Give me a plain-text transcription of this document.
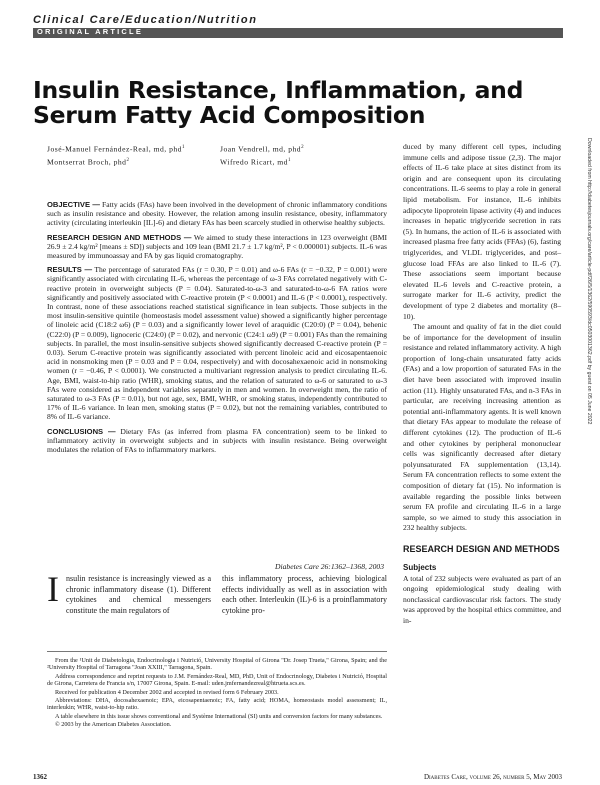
Clinical Care/Education/Nutrition
ORIGINAL ARTICLE
Insulin Resistance, Inflammation, and
Serum Fatty Acid Composition
José-Manuel Fernández-Real, md, phd$^1$
Montserrat Broch, phd$^2$
Joan Vendrell, md, phd$^2$
Wifredo Ricart, $md^1$

OBJECTIVE — Fatty acids (FAs) have been involved in the development of chronic inflammatory conditions such as insulin resistance and obesity. However, the relation among insulin resistance, obesity, inflammatory activity (circulating interleukin [IL]-6) and dietary FAs has been scarcely studied in otherwise healthy subjects.

RESEARCH DESIGN AND METHODS — We aimed to study these interactions in 123 overweight (BMI 26.9 ± 2.4 kg/m² [means ± SD]) subjects and 109 lean (BMI 21.7 ± 1.7 kg/m², P < 0.000001) subjects. IL-6 was measured by immunoassay and FA by gas liquid cromatography.

RESULTS — The percentage of saturated FAs (r = 0.30, P = 0.01) and ω-6 FAs (r = −0.32, P = 0.001) were significantly associated with circulating IL-6, whereas the percentage of ω-3 FAs correlated negatively with C-reactive protein in overweight subjects (P = 0.04). Saturated-to-ω-3 and saturated-to-ω-6 FA ratios were significantly and positively associated with C-reactive protein (P < 0.0001) and IL-6 (P < 0.0001), respectively. In contrast, none of these associations reached statistical significance in lean subjects. Those subjects in the most insulin-sensitive quintile (homeostasis model assessment value) showed a significantly higher percentage of linoleic acid (C18:2 ω6) (P = 0.03) and a significantly lower level of araquidic (C20:0) (P = 0.04), behenic (C22:0) (P = 0.009), lignoceric (C24:0) (P = 0.02), and nervonic (C24:1 ω9) (P = 0.001) FAs than the remaining subjects. In parallel, the most insulin-sensitive subjects showed significantly decreased C-reactive protein (P = 0.03). Serum C-reactive protein was significantly associated with percent linoleic acid and eicosapentaenoic acid in nonsmoking men (P = 0.03 and P = 0.04, respectively) and with docosahexaenoic acid in nonsmoking women (r = −0.46, P < 0.0001). We constructed a multivariant regression analysis to predict circulating IL-6. Age, BMI, waist-to-hip ratio (WHR), smoking status, and the relation of saturated to ω-6 or saturated to ω-3 FAs were considered as independent variables separately in men and women. In overweight men, the ratio of saturated to ω-3 FAs (P = 0.01), but not age, sex, BMI, WHR, or smoking status, independently contributed to 17% of IL-6 variance. In lean men, smoking status (P = 0.02), but not the remaining variables, contributed to 8% of IL-6 variance.

CONCLUSIONS — Dietary FAs (as inferred from plasma FA concentration) seem to be linked to inflammatory activity in overweight subjects and in subjects with insulin resistance. Being overweight modulates the relation of FAs to inflammatory markers.

Diabetes Care 26:1362–1368, 2003
I nsulin resistance is increasingly viewed as a chronic inflammatory disease (1). Different cytokines and chemical messengers constitute the main regulators of
this inflammatory process, achieving biological effects individually as well as in association with each other. Interleukin (IL)-6 is a proinflammatory cytokine pro-

From the ¹Unit de Diabetologia, Endocrinologia i Nutrició, University Hospital of Girona "Dr. Josep Trueta," Girona, Spain; and the ²University Hospital of Tarragona "Joan XXIII," Tarragona, Spain.

Address correspondence and reprint requests to J.M. Fernández-Real, MD, PhD, Unit of Endocrinology, Diabetes i Nutrició, Hospital de Girona, Carretera de Francia s/n, 17007 Girona, Spain. E-mail: uden.jmfernandezreal@htrueta.scs.es.

Received for publication 4 December 2002 and accepted in revised form 6 February 2003.

Abbreviations: DHA, docosahexaenoic; EPA, eicosapentaenoic; FA, fatty acid; HOMA, homeostasis model assessment; IL, interleukin; WHR, waist-to-hip ratio.

A table elsewhere in this issue shows conventional and Système International (SI) units and conversion factors for many substances.

© 2003 by the American Diabetes Association.

duced by many different cell types, including immune cells and adipose tissue (2,3). The major effects of IL-6 take place at sites distinct from its origin and are consequent upon its circulating concentrations. IL-6 seems to play a role in general lipid metabolism. For instance, IL-6 inhibits adipocyte lipoprotein lipase activity (4) and induces increases in hepatic triglyceride secretion in rats (5). In humans, the action of IL-6 is associated with increased plasma free fatty acids (FFAs) (6), fasting triglycerides, and VLDL triglycerides, and post–glucose load FFAs are also linked to IL-6 (7). These associations seem important because elevated IL-6 levels and C-reactive protein, a surrogate marker for IL-6 activity, predict the development of type 2 diabetes and mortality (8–10).

The amount and quality of fat in the diet could be of importance for the development of insulin resistance and related inflammatory activity. A high proportion of long-chain unsaturated fatty acids (FAs) and a low proportion of saturated FAs in the diet have been associated with improved insulin action (11). Highly unsaturated FAs, and n-3 FAs in particular, are receiving increasing attention as potential anti-inflammatory agents. It is well known that dietary FAs appear to modulate the release of different cytokines (12). The production of IL-6 and other cytokines by peripheral mononuclear cells was significantly decreased after dietary polyunsaturated FA supplementation (13,14). Serum FA concentration reflects to some extent the composition of dietary fat (15). No information is available regarding the possible links between serum FA profile and circulating IL-6 in a large sample, so we aimed to study this association in 232 healthy subjects.

RESEARCH DESIGN AND METHODS
Subjects

A total of 232 subjects were evaluated as part of an ongoing epidemiological study dealing with nonclassical cardiovascular risk factors. The study was approved by the hospital ethics committee, and in-

1362	Diabetes Care, volume 26, number 5, May 2003
Downloaded from http://diabetesjournals.org/care/article-pdf/26/5/1362/590593/dc0503001362.pdf by guest on 05 June 2022
